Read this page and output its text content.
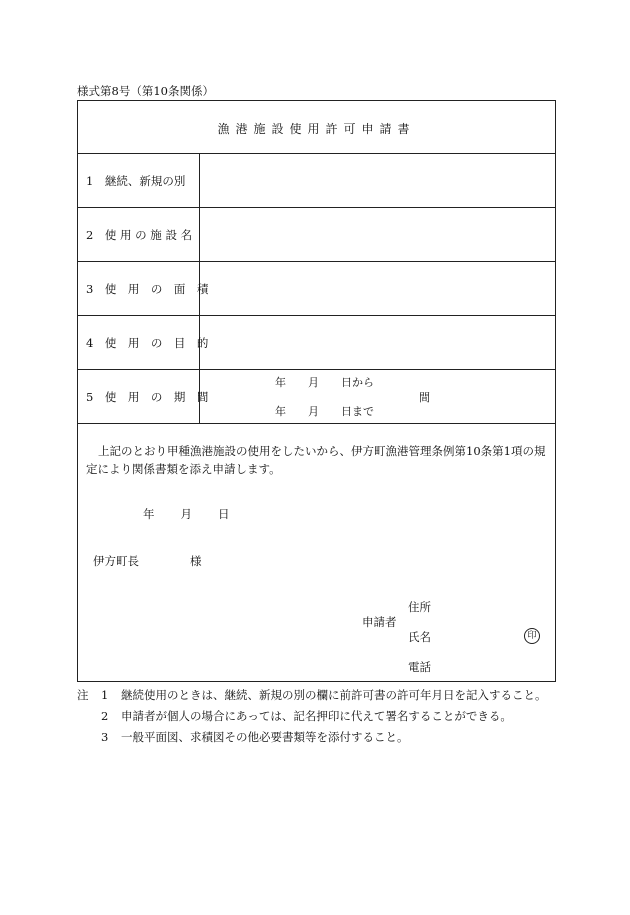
様式第8号（第10条関係）
漁港施設使用許可申請書
1　継続、新規の別
2　使 用 の 施 設 名
3　使　用　の　面　積
4　使　用　の　目　的
5　使　用　の　期　間
年　　月　　日から
年　　月　　日まで
間
上記のとおり甲種漁港施設の使用をしたいから、伊方町漁港管理条例第10条第1項の規定により関係書類を添え申請します。
年　　月　　日
伊方町長	様
住所
申請者
氏名	印
電話
注 1 継続使用のときは、継続、新規の別の欄に前許可書の許可年月日を記入すること。
2 申請者が個人の場合にあっては、記名押印に代えて署名することができる。
3 一般平面図、求積図その他必要書類等を添付すること。
